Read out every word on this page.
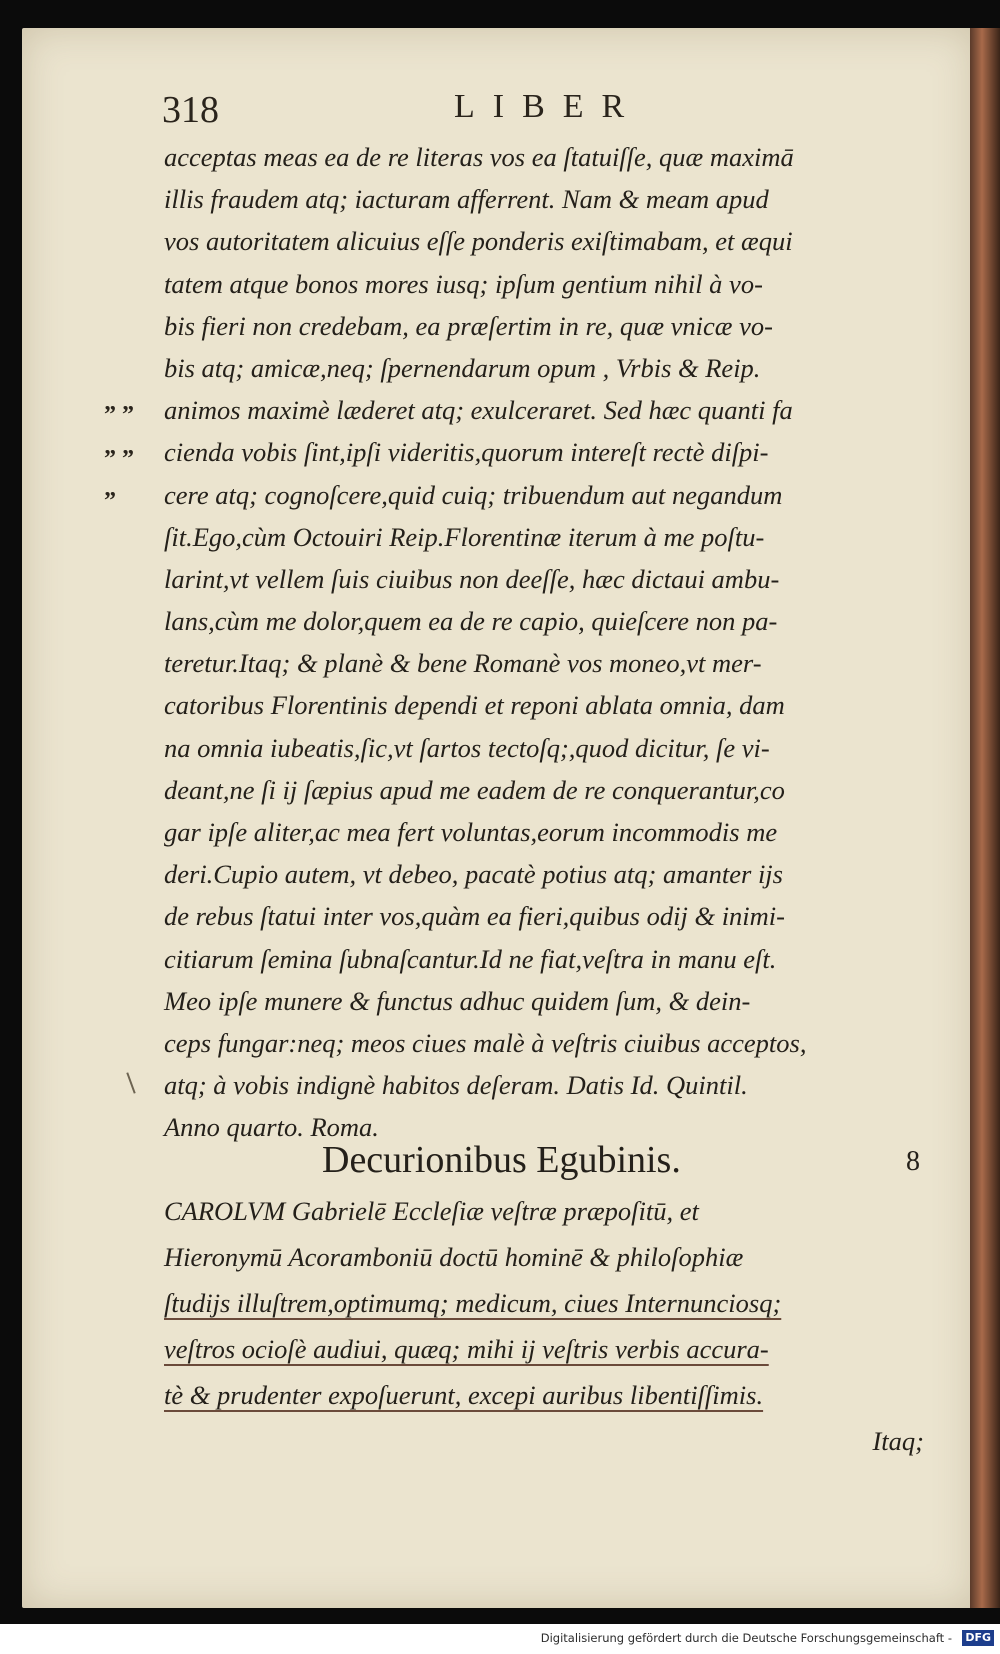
318	LIBER
” ”
” ”
”
acceptas meas ea de re literas vos ea ſtatuiſſe, quæ maximā
illis fraudem atq; iacturam afferrent. Nam & meam apud
vos autoritatem alicuius eſſe ponderis exiſtimabam, et æqui
tatem atque bonos mores iusq; ipſum gentium nihil à vo-
bis fieri non credebam, ea præſertim in re, quæ vnicæ vo-
bis atq; amicæ,neq; ſpernendarum opum , Vrbis & Reip.
animos maximè læderet atq; exulceraret. Sed hæc quanti fa
cienda vobis ſint,ipſi videritis,quorum intereſt rectè diſpi-
cere atq; cognoſcere,quid cuiq; tribuendum aut negandum
ſit.Ego,cùm Octouiri Reip.Florentinæ iterum à me poſtu-
larint,vt vellem ſuis ciuibus non deeſſe, hæc dictaui ambu-
lans,cùm me dolor,quem ea de re capio, quieſcere non pa-
teretur.Itaq; & planè & bene Romanè vos moneo,vt mer-
catoribus Florentinis dependi et reponi ablata omnia, dam
na omnia iubeatis,ſic,vt ſartos tectoſq;,quod dicitur, ſe vi-
deant,ne ſi ij ſæpius apud me eadem de re conquerantur,co
gar ipſe aliter,ac mea fert voluntas,eorum incommodis me
deri.Cupio autem, vt debeo, pacatè potius atq; amanter ijs
de rebus ſtatui inter vos,quàm ea fieri,quibus odij & inimi-
citiarum ſemina ſubnaſcantur.Id ne fiat,veſtra in manu eſt.
Meo ipſe munere & functus adhuc quidem ſum, & dein-
ceps fungar:neq; meos ciues malè à veſtris ciuibus acceptos,
atq; à vobis indignè habitos deſeram. Datis Id. Quintil.
Anno quarto. Roma.
Decurionibus Egubinis.	8
CAROLVM Gabrielē Eccleſiæ veſtræ præpoſitū, et
Hieronymū Acoramboniū doctū hominē & philoſophiæ
ſtudijs illuſtrem,optimumq; medicum, ciues Internunciosq;
veſtros ocioſè audiui, quæq; mihi ij veſtris verbis accura-
tè & prudenter expoſuerunt, excepi auribus libentiſſimis.
Itaq;
Digitalisierung gefördert durch die Deutsche Forschungsgemeinschaft - DFG
